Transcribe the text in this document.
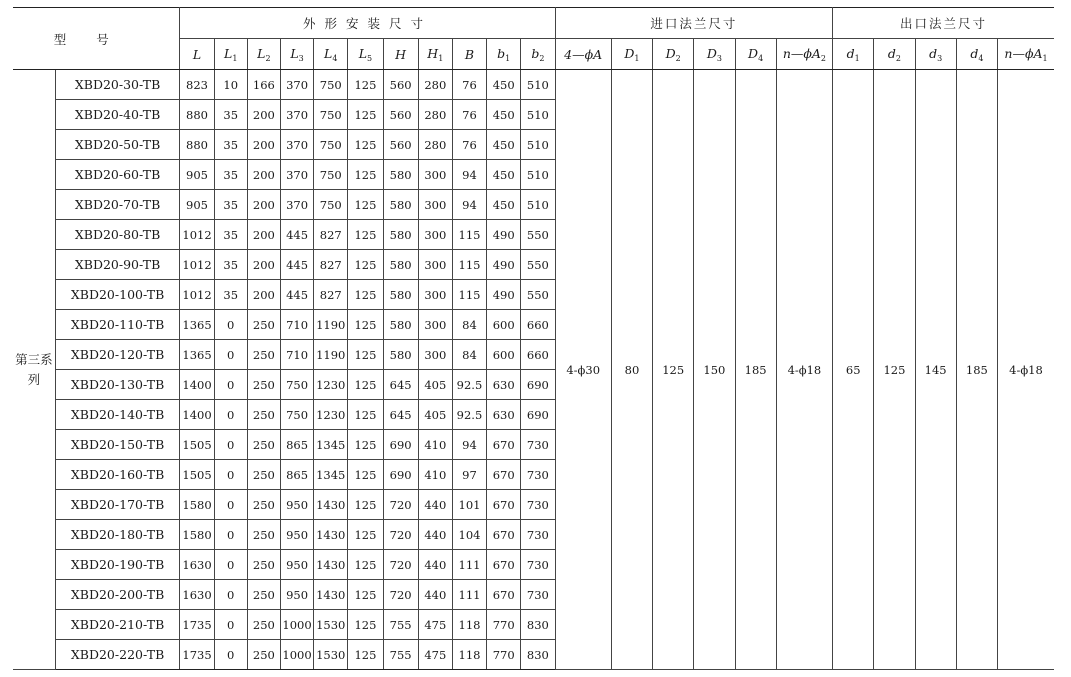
型号		外形安装尺寸											进口法兰尺寸						出口法兰尺寸				
		L	$L_1$	$L_2$	$L_3$	$L_4$	$L_5$	H	$H_1$	B	$b_1$	$b_2$	4—ϕA	$D_1$	$D_2$	$D_3$	$D_4$	$n—\phi A_2$	$d_1$	$d_2$	$d_3$	$d_4$	$n—\phi A_1$
第三系列	XBD20-30-TB	823	10	166	370	750	125	560	280	76	450	510	4-ϕ30	80	125	150	185	4-ϕ18	65	125	145	185	4-ϕ18
	XBD20-40-TB	880	35	200	370	750	125	560	280	76	450	510											
	XBD20-50-TB	880	35	200	370	750	125	560	280	76	450	510											
	XBD20-60-TB	905	35	200	370	750	125	580	300	94	450	510											
	XBD20-70-TB	905	35	200	370	750	125	580	300	94	450	510											
	XBD20-80-TB	1012	35	200	445	827	125	580	300	115	490	550											
	XBD20-90-TB	1012	35	200	445	827	125	580	300	115	490	550											
	XBD20-100-TB	1012	35	200	445	827	125	580	300	115	490	550											
	XBD20-110-TB	1365	0	250	710	1190	125	580	300	84	600	660											
	XBD20-120-TB	1365	0	250	710	1190	125	580	300	84	600	660											
	XBD20-130-TB	1400	0	250	750	1230	125	645	405	92.5	630	690											
	XBD20-140-TB	1400	0	250	750	1230	125	645	405	92.5	630	690											
	XBD20-150-TB	1505	0	250	865	1345	125	690	410	94	670	730											
	XBD20-160-TB	1505	0	250	865	1345	125	690	410	97	670	730											
	XBD20-170-TB	1580	0	250	950	1430	125	720	440	101	670	730											
	XBD20-180-TB	1580	0	250	950	1430	125	720	440	104	670	730											
	XBD20-190-TB	1630	0	250	950	1430	125	720	440	111	670	730											
	XBD20-200-TB	1630	0	250	950	1430	125	720	440	111	670	730											
	XBD20-210-TB	1735	0	250	1000	1530	125	755	475	118	770	830											
	XBD20-220-TB	1735	0	250	1000	1530	125	755	475	118	770	830											
